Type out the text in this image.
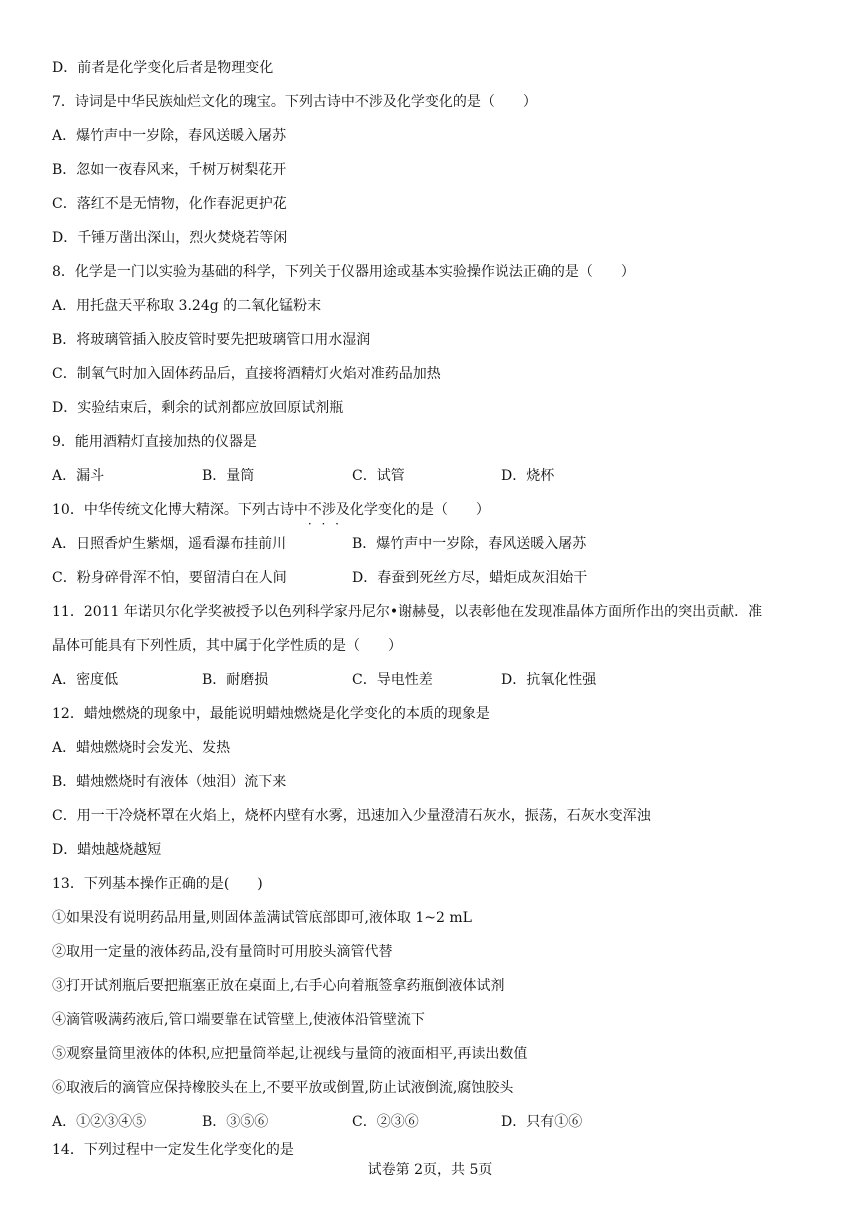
D．前者是化学变化后者是物理变化
7．诗词是中华民族灿烂文化的瑰宝。下列古诗中不涉及化学变化的是（　　）
A．爆竹声中一岁除，春风送暖入屠苏
B．忽如一夜春风来，千树万树梨花开
C．落红不是无情物，化作春泥更护花
D．千锤万凿出深山，烈火焚烧若等闲
8．化学是一门以实验为基础的科学，下列关于仪器用途或基本实验操作说法正确的是（　　）
A．用托盘天平称取 3.24g 的二氧化锰粉末
B．将玻璃管插入胶皮管时要先把玻璃管口用水湿润
C．制氧气时加入固体药品后，直接将酒精灯火焰对准药品加热
D．实验结束后，剩余的试剂都应放回原试剂瓶
9．能用酒精灯直接加热的仪器是
A．漏斗	B．量筒	C．试管	D．烧杯
10．中华传统文化博大精深。下列古诗中不涉及 · · ·化学变化的是（　　）
A．日照香炉生紫烟，遥看瀑布挂前川	B．爆竹声中一岁除，春风送暖入屠苏
C．粉身碎骨浑不怕，要留清白在人间	D．春蚕到死丝方尽，蜡炬成灰泪始干
11．2011 年诺贝尔化学奖被授予以色列科学家丹尼尔•谢赫曼，以表彰他在发现准晶体方面所作出的突出贡献．准
晶体可能具有下列性质，其中属于化学性质的是（　　）
A．密度低	B．耐磨损	C．导电性差	D．抗氧化性强
12．蜡烛燃烧的现象中，最能说明蜡烛燃烧是化学变化的本质的现象是
A．蜡烛燃烧时会发光、发热
B．蜡烛燃烧时有液体（烛泪）流下来
C．用一干冷烧杯罩在火焰上，烧杯内壁有水雾，迅速加入少量澄清石灰水，振荡，石灰水变浑浊
D．蜡烛越烧越短
13．下列基本操作正确的是(　　)
①如果没有说明药品用量,则固体盖满试管底部即可,液体取 1~2 mL
②取用一定量的液体药品,没有量筒时可用胶头滴管代替
③打开试剂瓶后要把瓶塞正放在桌面上,右手心向着瓶签拿药瓶倒液体试剂
④滴管吸满药液后,管口端要靠在试管壁上,使液体沿管壁流下
⑤观察量筒里液体的体积,应把量筒举起,让视线与量筒的液面相平,再读出数值
⑥取液后的滴管应保持橡胶头在上,不要平放或倒置,防止试液倒流,腐蚀胶头
A．①②③④⑤	B．③⑤⑥	C．②③⑥	D．只有①⑥
14．下列过程中一定发生化学变化的是
试卷第 2页，共 5页
